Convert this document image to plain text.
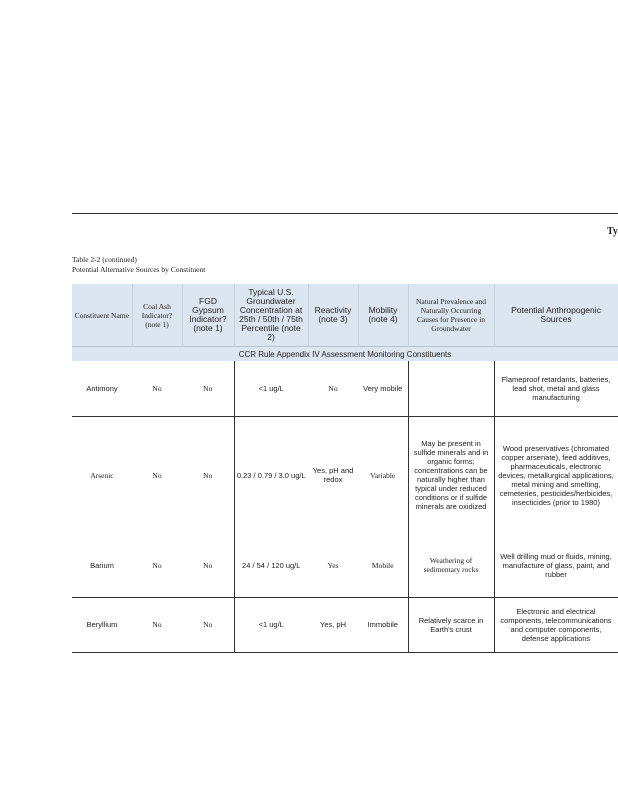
Ty
Table 2-2 (continued)
Potential Alternative Sources by Constituent
Constituent Name	Coal Ash Indicator? (note 1)	FGD Gypsum Indicator? (note 1)	Typical U.S. Groundwater Concentration at 25th / 50th / 75th Percentile (note 2)	Reactivity (note 3)	Mobility (note 4)	Natural Prevalence and Naturally Occurring Causes for Presence in Groundwater	Potential Anthropogenic Sources
CCR Rule Appendix IV Assessment Monitoring Constituents							
Antimony	No	No	<1 ug/L	No	Very mobile		Flameproof retardants, batteries, lead shot, metal and glass manufacturing
Arsenic	No	No	0.23 / 0.79 / 3.0 ug/L	Yes, pH and redox	Variable	May be present in sulfide minerals and in organic forms; concentrations can be naturally higher than typical under reduced conditions or if sulfide minerals are oxidized	Wood preservatives (chromated copper arsenate), feed additives, pharmaceuticals, electronic devices, metallurgical applications, metal mining and smelting, cemeteries, pesticides/herbicides, insecticides (prior to 1980)
Barium	No	No	24 / 54 / 120 ug/L	Yes	Mobile	Weathering of sedimentary rocks	Well drilling mud or fluids, mining, manufacture of glass, paint, and rubber
Beryllium	No	No	<1 ug/L	Yes, pH	Immobile	Relatively scarce in Earth's crust	Electronic and electrical components, telecommunications and computer components, defense applications
